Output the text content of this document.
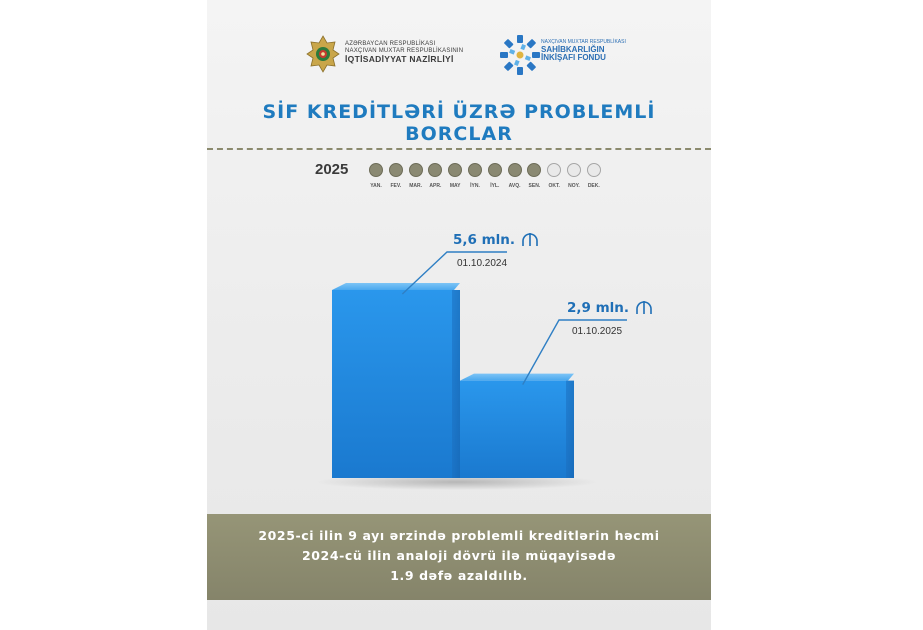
AZƏRBAYCAN RESPUBLİKASI
NAXÇIVAN MUXTAR RESPUBLİKASININ
İQTİSADİYYAT NAZİRLİYİ
NAXÇIVAN MUXTAR RESPUBLİKASI
SAHİBKARLIĞIN
İNKİŞAFI FONDU
SİF KREDİTLƏRİ ÜZRƏ PROBLEMLİ BORCLAR
2025
YAN.	FEV.	MAR.	APR.	MAY	İYN.	İYL.	AVQ.	SEN.	OKT.	NOY.	DEK.
5,6 mln.
01.10.2024
2,9 mln.
01.10.2025
2025-ci ilin 9 ayı ərzində problemli kreditlərin həcmi
2024-cü ilin analoji dövrü ilə müqayisədə
1.9 dəfə azaldılıb.
